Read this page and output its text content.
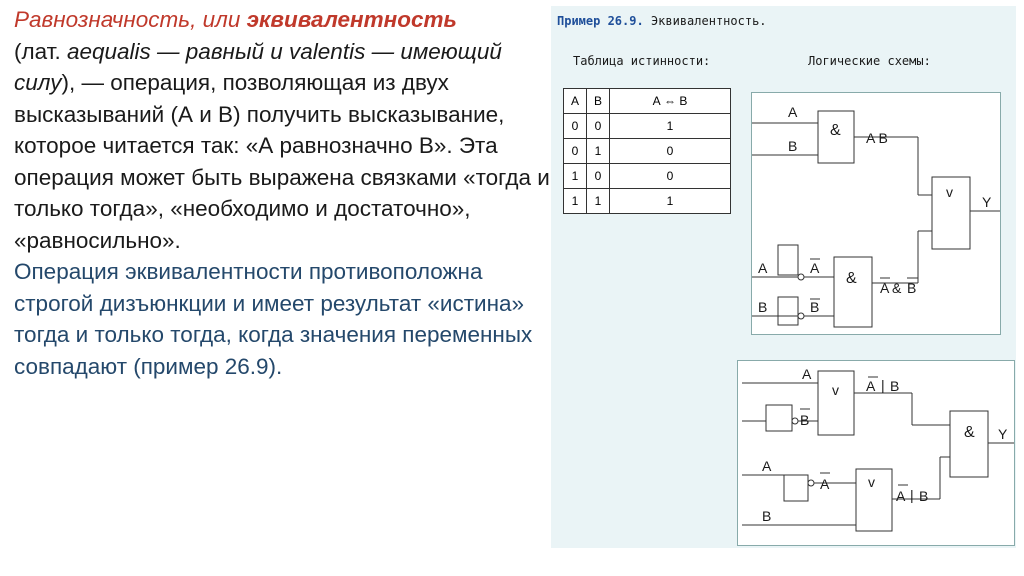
Равнозначность, или эквивалентность
(лат. aequalis — равный и valentis — имеющий силу), — операция, позволяющая из двух высказываний (А и В) получить высказывание, которое читается так: «А равнозначно В». Эта операция может быть выражена связками «тогда и только тогда», «необходимо и достаточно», «равносильно».
Операция эквивалентности противоположна строгой дизъюнкции и имеет результат «истина» тогда и только тогда, когда значения переменных
совпадают (пример 26.9).
Пример 26.9. Эквивалентность.
Таблица истинности:	Логические схемы:
А	В	А ⇔ В
0	0	1
0	1	0
1	0	0
1	1	1
&
A
B	A B
v
Y
A
B
A
B
&
A & B
A
v A | B
B
& Y
A
A	v
B
A | B
